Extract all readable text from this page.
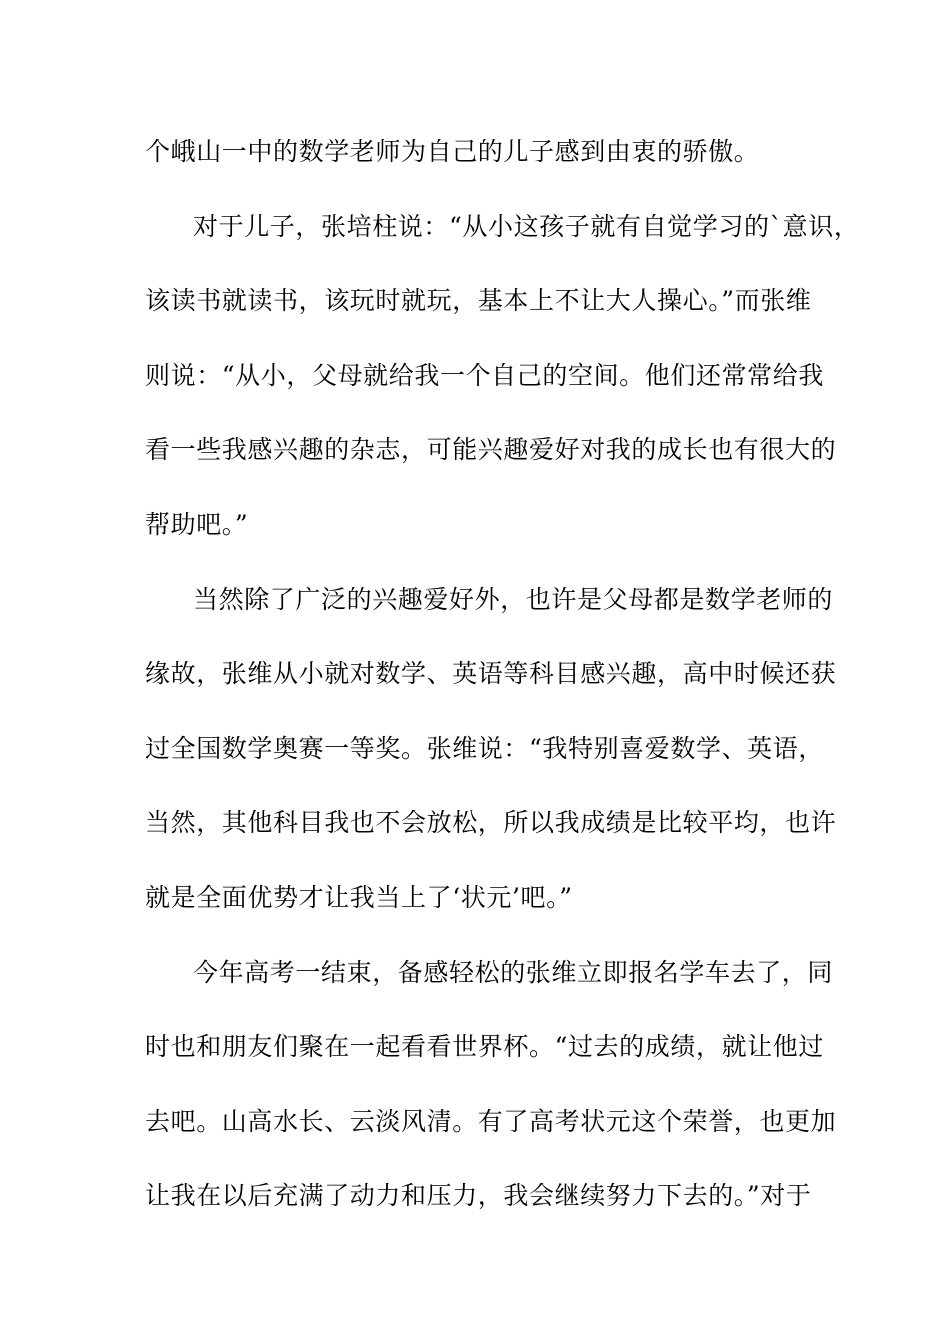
个峨山一中的数学老师为自己的儿子感到由衷的骄傲。
对于儿子，张培柱说：“从小这孩子就有自觉学习的`意识，
该读书就读书，该玩时就玩，基本上不让大人操心。”而张维
则说：“从小，父母就给我一个自己的空间。他们还常常给我
看一些我感兴趣的杂志，可能兴趣爱好对我的成长也有很大的
帮助吧。”
当然除了广泛的兴趣爱好外，也许是父母都是数学老师的
缘故，张维从小就对数学、英语等科目感兴趣，高中时候还获
过全国数学奥赛一等奖。张维说：“我特别喜爱数学、英语，
当然，其他科目我也不会放松，所以我成绩是比较平均，也许
就是全面优势才让我当上了‘状元’吧。”
今年高考一结束，备感轻松的张维立即报名学车去了，同
时也和朋友们聚在一起看看世界杯。“过去的成绩，就让他过
去吧。山高水长、云淡风清。有了高考状元这个荣誉，也更加
让我在以后充满了动力和压力，我会继续努力下去的。”对于
